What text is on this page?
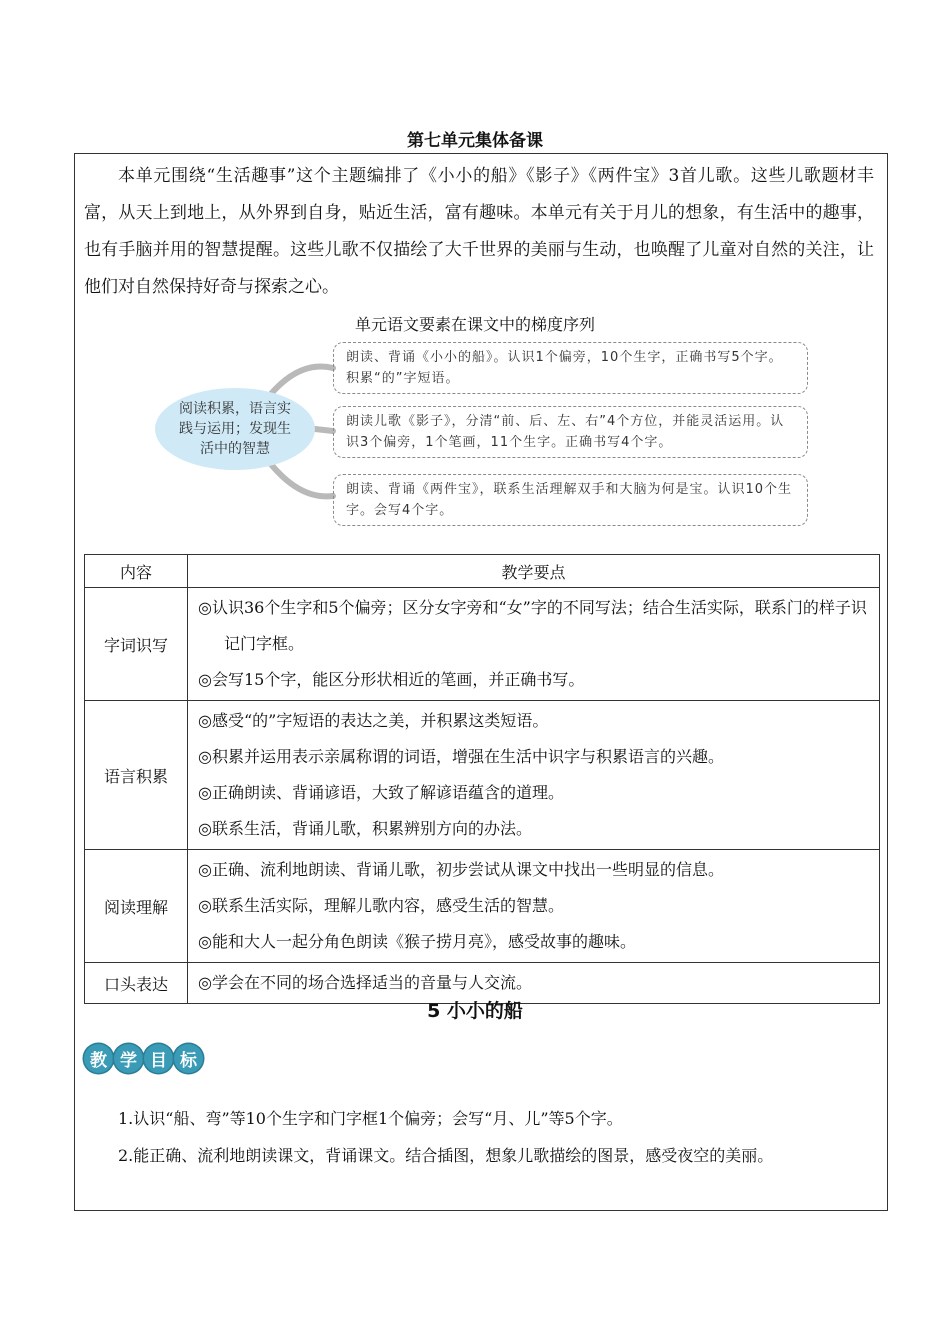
第七单元集体备课

本单元围绕“生活趣事”这个主题编排了《小小的船》《影子》《两件宝》3首儿歌。这些儿歌题材丰富，从天上到地上，从外界到自身，贴近生活，富有趣味。本单元有关于月儿的想象，有生活中的趣事，也有手脑并用的智慧提醒。这些儿歌不仅描绘了大千世界的美丽与生动，也唤醒了儿童对自然的关注，让他们对自然保持好奇与探索之心。

单元语文要素在课文中的梯度序列
阅读积累，语言实践与运用；发现生活中的智慧
朗读、背诵《小小的船》。认识1个偏旁，10个生字，正确书写5个字。积累“的”字短语。
朗读儿歌《影子》，分清“前、后、左、右”4个方位，并能灵活运用。认识3个偏旁，1个笔画，11个生字。正确书写4个字。
朗读、背诵《两件宝》，联系生活理解双手和大脑为何是宝。认识10个生字。会写4个字。
内容	教学要点
字词识写	◎认识36个生字和5个偏旁；区分女字旁和“女”字的不同写法；结合生活实际，联系门的样子识记门字框。
◎会写15个字，能区分形状相近的笔画，并正确书写。

语言积累	◎感受“的”字短语的表达之美，并积累这类短语。
◎积累并运用表示亲属称谓的词语，增强在生活中识字与积累语言的兴趣。
◎正确朗读、背诵谚语，大致了解谚语蕴含的道理。
◎联系生活，背诵儿歌，积累辨别方向的办法。

阅读理解	◎正确、流利地朗读、背诵儿歌，初步尝试从课文中找出一些明显的信息。
◎联系生活实际，理解儿歌内容，感受生活的智慧。
◎能和大人一起分角色朗读《猴子捞月亮》，感受故事的趣味。

口头表达	◎学会在不同的场合选择适当的音量与人交流。
5 小小的船
教 学 目 标

1.认识“船、弯”等10个生字和门字框1个偏旁；会写“月、儿”等5个字。

2.能正确、流利地朗读课文，背诵课文。结合插图，想象儿歌描绘的图景，感受夜空的美丽。
